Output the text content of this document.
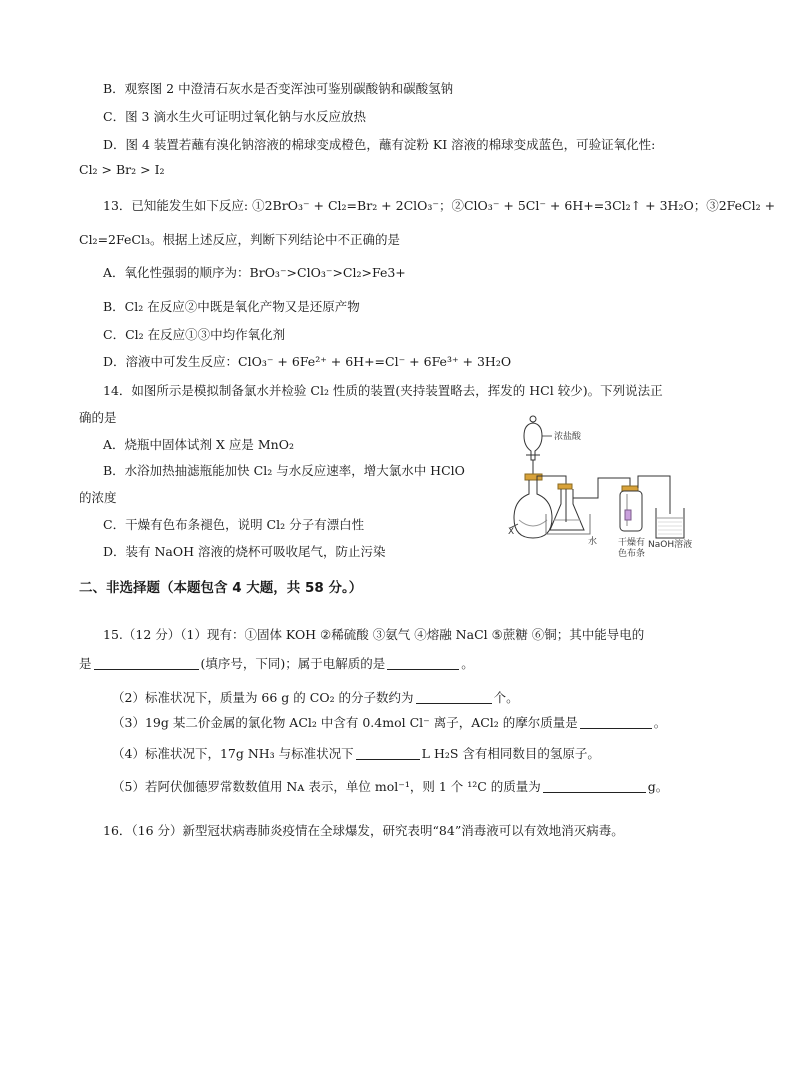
B．观察图 2 中澄清石灰水是否变浑浊可鉴别碳酸钠和碳酸氢钠
C．图 3 滴水生火可证明过氧化钠与水反应放热
D．图 4 装置若蘸有溴化钠溶液的棉球变成橙色，蘸有淀粉 KI 溶液的棉球变成蓝色，可验证氧化性:
Cl₂ > Br₂ > I₂
13．已知能发生如下反应: ①2BrO₃⁻ + Cl₂=Br₂ + 2ClO₃⁻；②ClO₃⁻ + 5Cl⁻ + 6H+=3Cl₂↑ + 3H₂O；③2FeCl₂ +
Cl₂=2FeCl₃。根据上述反应，判断下列结论中不正确的是
A．氧化性强弱的顺序为：BrO₃⁻>ClO₃⁻>Cl₂>Fe3+
B．Cl₂ 在反应②中既是氧化产物又是还原产物
C．Cl₂ 在反应①③中均作氧化剂
D．溶液中可发生反应：ClO₃⁻ + 6Fe²⁺ + 6H+=Cl⁻ + 6Fe³⁺ + 3H₂O
14．如图所示是模拟制备氯水并检验 Cl₂ 性质的装置(夹持装置略去，挥发的 HCl 较少)。下列说法正
确的是
A．烧瓶中固体试剂 X 应是 MnO₂
B．水浴加热抽滤瓶能加快 Cl₂ 与水反应速率，增大氯水中 HClO
的浓度
C．干燥有色布条褪色，说明 Cl₂ 分子有漂白性
D．装有 NaOH 溶液的烧杯可吸收尾气，防止污染
浓盐酸
X
水 干燥有
色布条
NaOH溶液
二、非选择题（本题包含 4 大题，共 58 分。）
15.（12 分）（1）现有：①固体 KOH ②稀硫酸 ③氨气 ④熔融 NaCl ⑤蔗糖 ⑥铜；其中能导电的
是	(填序号，下同)；属于电解质的是	。
（2）标准状况下，质量为 66 g 的 CO₂ 的分子数约为	个。
（3）19g 某二价金属的氯化物 ACl₂ 中含有 0.4mol Cl⁻ 离子，ACl₂ 的摩尔质量是	。
（4）标准状况下，17g NH₃ 与标准状况下	L H₂S 含有相同数目的氢原子。
（5）若阿伏伽德罗常数数值用 Nᴀ 表示，单位 mol⁻¹，则 1 个 ¹²C 的质量为	g。
16．（16 分）新型冠状病毒肺炎疫情在全球爆发，研究表明“84”消毒液可以有效地消灭病毒。
